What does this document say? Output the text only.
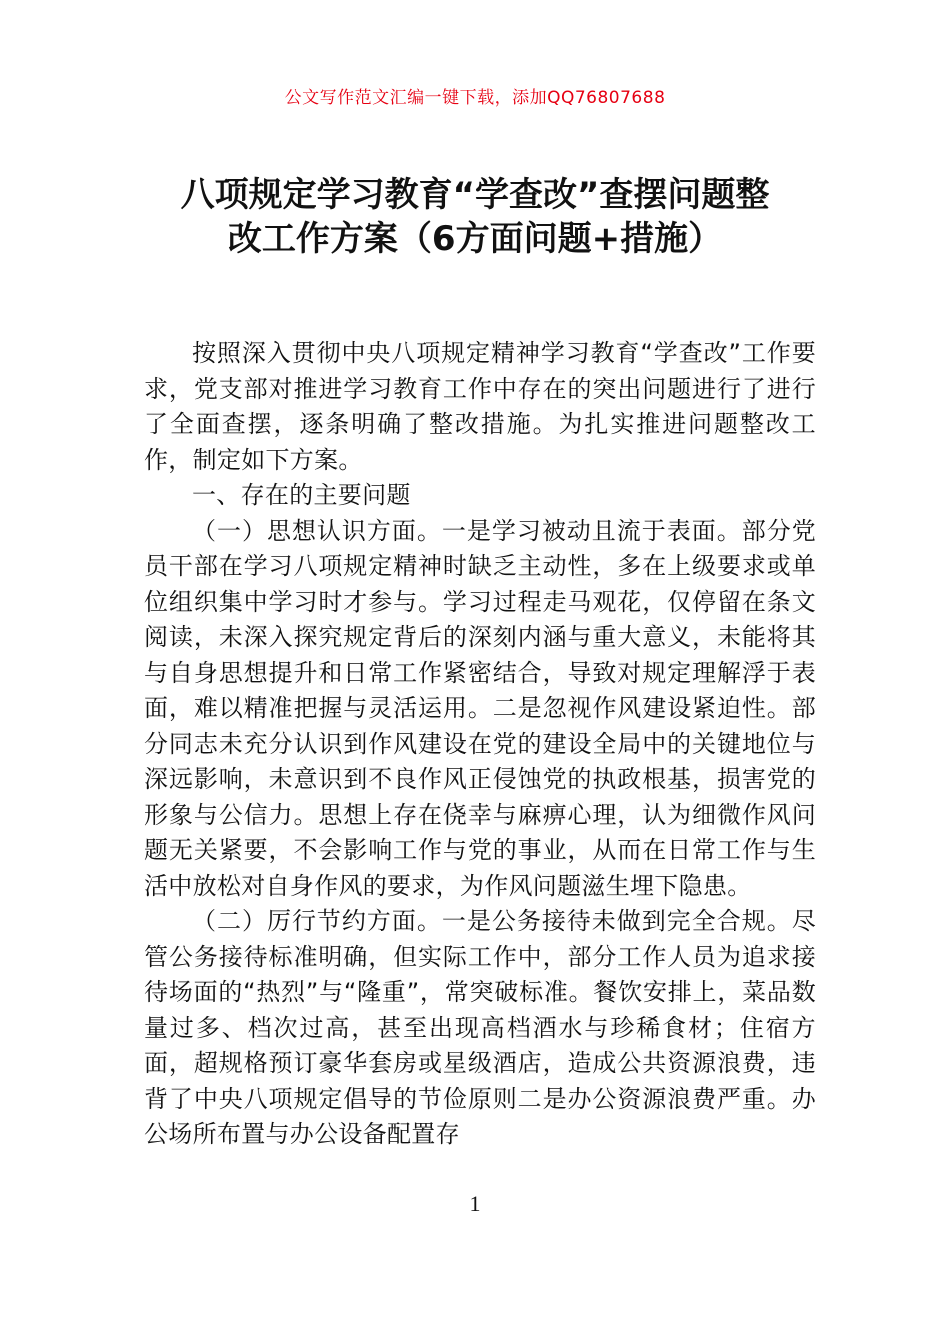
公文写作范文汇编一键下载，添加QQ76807688
八项规定学习教育“学查改”查摆问题整
改工作方案（6方面问题+措施）

按照深入贯彻中央八项规定精神学习教育“学查改”工作要求，党支部对推进学习教育工作中存在的突出问题进行了进行了全面查摆，逐条明确了整改措施。为扎实推进问题整改工作，制定如下方案。

一、存在的主要问题

（一）思想认识方面。一是学习被动且流于表面。部分党员干部在学习八项规定精神时缺乏主动性，多在上级要求或单位组织集中学习时才参与。学习过程走马观花，仅停留在条文阅读，未深入探究规定背后的深刻内涵与重大意义，未能将其与自身思想提升和日常工作紧密结合，导致对规定理解浮于表面，难以精准把握与灵活运用。二是忽视作风建设紧迫性。部分同志未充分认识到作风建设在党的建设全局中的关键地位与深远影响，未意识到不良作风正侵蚀党的执政根基，损害党的形象与公信力。思想上存在侥幸与麻痹心理，认为细微作风问题无关紧要，不会影响工作与党的事业，从而在日常工作与生活中放松对自身作风的要求，为作风问题滋生埋下隐患。

（二）厉行节约方面。一是公务接待未做到完全合规。尽管公务接待标准明确，但实际工作中，部分工作人员为追求接待场面的“热烈”与“隆重”，常突破标准。餐饮安排上，菜品数量过多、档次过高，甚至出现高档酒水与珍稀食材；住宿方面，超规格预订豪华套房或星级酒店，造成公共资源浪费，违背了中央八项规定倡导的节俭原则二是办公资源浪费严重。办公场所布置与办公设备配置存

1
